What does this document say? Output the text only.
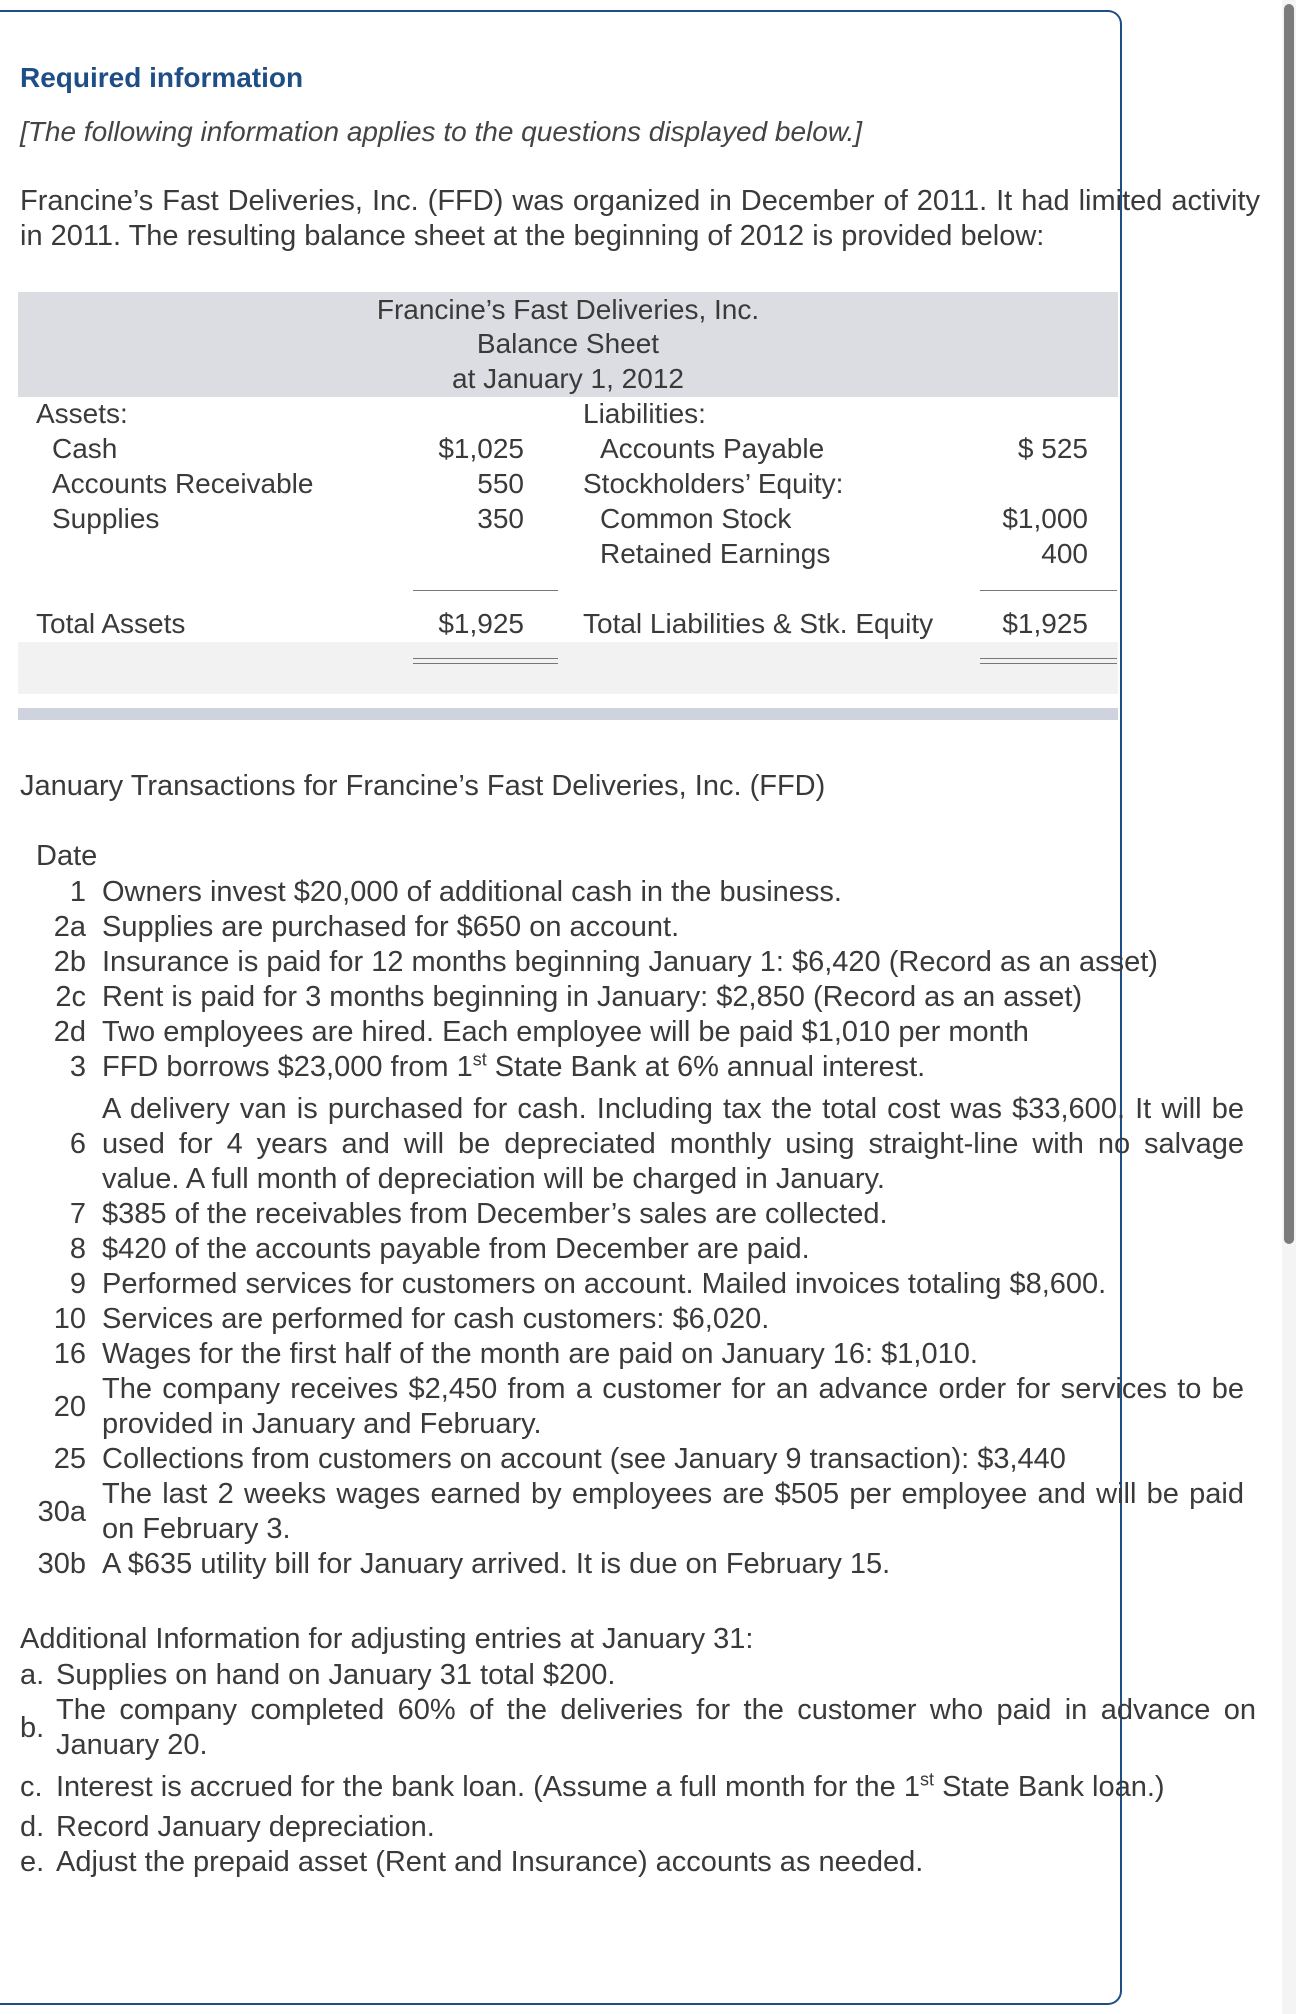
Required information
[The following information applies to the questions displayed below.]

Francine’s Fast Deliveries, Inc. (FFD) was organized in December of 2011. It had limited activity in 2011. The resulting balance sheet at the beginning of 2012 is provided below:

Francine’s Fast Deliveries, Inc.
Balance Sheet
at January 1, 2012
Assets:
Cash	$1,025
Accounts Receivable	550
Supplies	350
Liabilities:
Accounts Payable	$ 525
Stockholders’ Equity:
Common Stock	$1,000
Retained Earnings	400
Total Assets	$1,925 Total Liabilities & Stk. Equity	$1,925
January Transactions for Francine’s Fast Deliveries, Inc. (FFD)
Date
1 Owners invest $20,000 of additional cash in the business.
2a Supplies are purchased for $650 on account.
2b Insurance is paid for 12 months beginning January 1: $6,420 (Record as an asset)
2c Rent is paid for 3 months beginning in January: $2,850 (Record as an asset)
2d Two employees are hired. Each employee will be paid $1,010 per month
3 FFD borrows $23,000 from 1st State Bank at 6% annual interest.
6
A delivery van is purchased for cash. Including tax the total cost was $33,600. It will be used for 4 years and will be depreciated monthly using straight-line with no salvage value. A full month of depreciation will be charged in January.
7 $385 of the receivables from December’s sales are collected.
8 $420 of the accounts payable from December are paid.
9 Performed services for customers on account. Mailed invoices totaling $8,600.
10 Services are performed for cash customers: $6,020.
16 Wages for the first half of the month are paid on January 16: $1,010.
20
The company receives $2,450 from a customer for an advance order for services to be provided in January and February.
25 Collections from customers on account (see January 9 transaction): $3,440
30a
The last 2 weeks wages earned by employees are $505 per employee and will be paid on February 3.
30b A $635 utility bill for January arrived. It is due on February 15.
Additional Information for adjusting entries at January 31:
a. Supplies on hand on January 31 total $200.
b.
The company completed 60% of the deliveries for the customer who paid in advance on January 20.
c. Interest is accrued for the bank loan. (Assume a full month for the 1st State Bank loan.)
d. Record January depreciation.
e. Adjust the prepaid asset (Rent and Insurance) accounts as needed.
